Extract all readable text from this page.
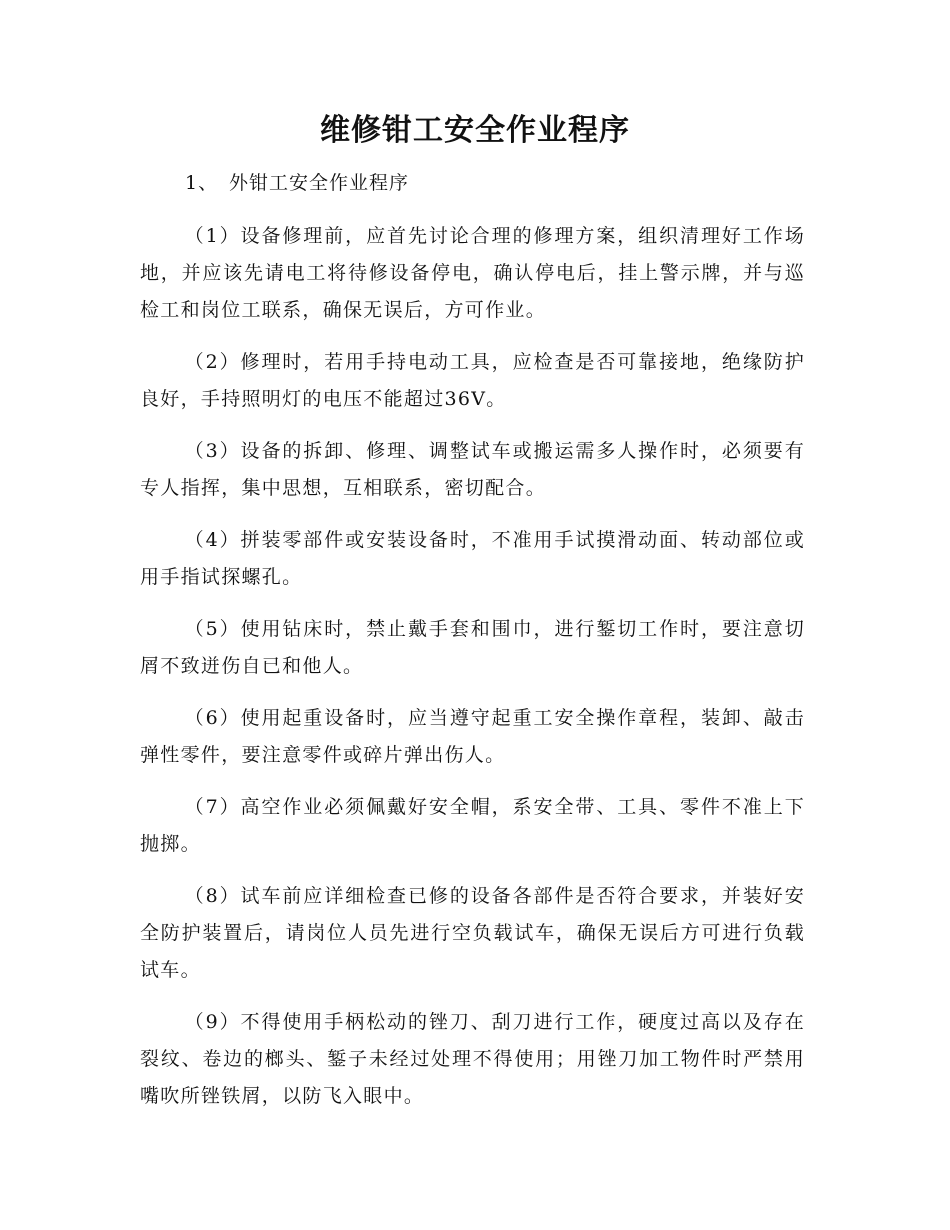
维修钳工安全作业程序
1、 外钳工安全作业程序

（1）设备修理前，应首先讨论合理的修理方案，组织清理好工作场地，并应该先请电工将待修设备停电，确认停电后，挂上警示牌，并与巡检工和岗位工联系，确保无误后，方可作业。

（2）修理时，若用手持电动工具，应检查是否可靠接地，绝缘防护良好，手持照明灯的电压不能超过36V。

（3）设备的拆卸、修理、调整试车或搬运需多人操作时，必须要有专人指挥，集中思想，互相联系，密切配合。

（4）拼装零部件或安装设备时，不准用手试摸滑动面、转动部位或用手指试探螺孔。

（5）使用钻床时，禁止戴手套和围巾，进行錾切工作时，要注意切屑不致迸伤自已和他人。

（6）使用起重设备时，应当遵守起重工安全操作章程，装卸、敲击弹性零件，要注意零件或碎片弹出伤人。

（7）高空作业必须佩戴好安全帽，系安全带、工具、零件不准上下抛掷。

（8）试车前应详细检查已修的设备各部件是否符合要求，并装好安全防护装置后，请岗位人员先进行空负载试车，确保无误后方可进行负载试车。

（9）不得使用手柄松动的锉刀、刮刀进行工作，硬度过高以及存在裂纹、卷边的榔头、錾子未经过处理不得使用；用锉刀加工物件时严禁用嘴吹所锉铁屑，以防飞入眼中。
